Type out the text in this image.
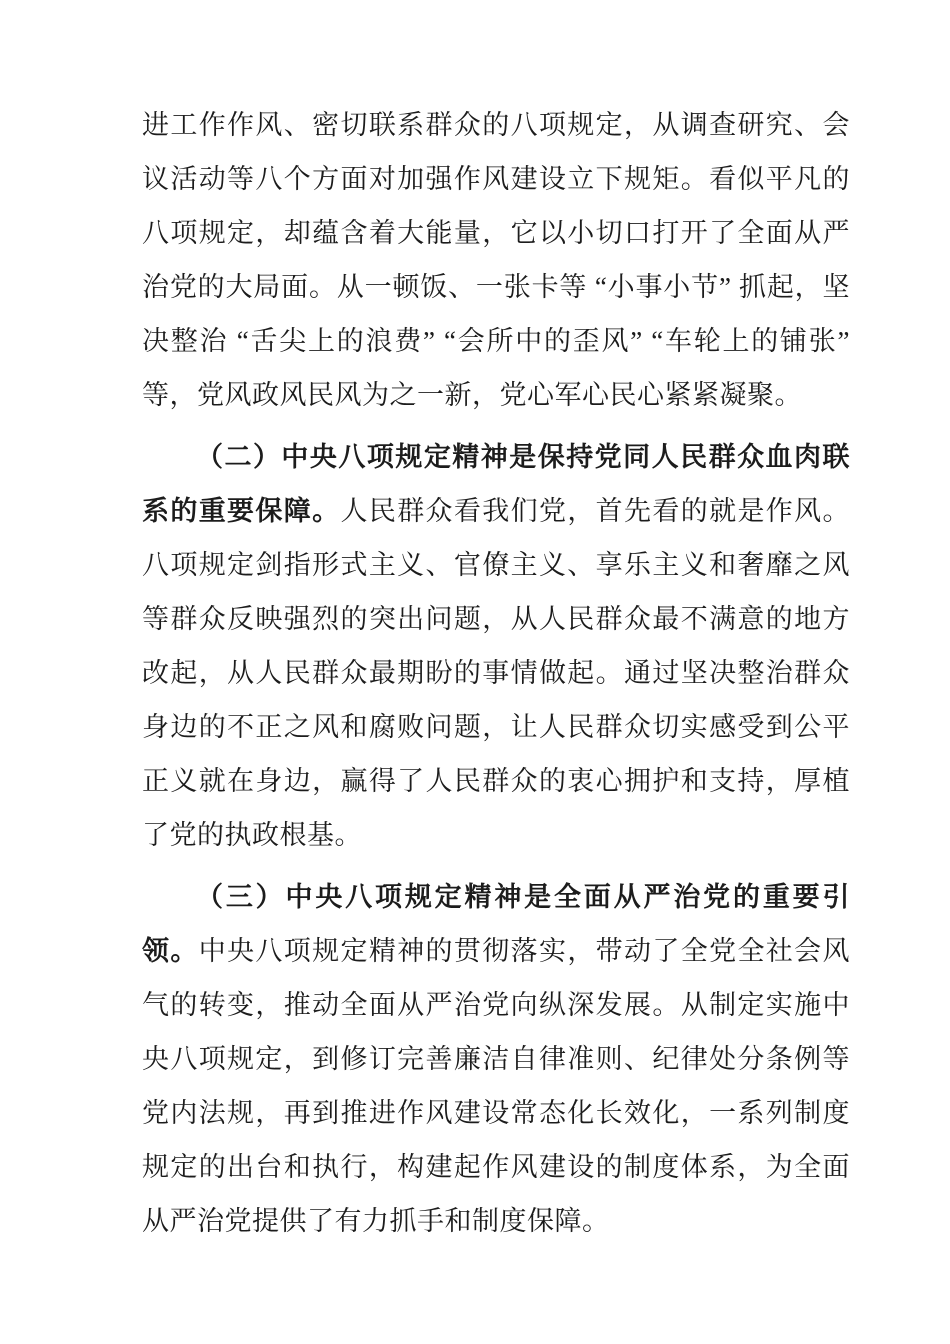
进工作作风、密切联系群众的八项规定，从调查研究、会议活动等八个方面对加强作风建设立下规矩。看似平凡的八项规定，却蕴含着大能量，它以小切口打开了全面从严治党的大局面。从一顿饭、一张卡等 “小事小节” 抓起，坚决整治 “舌尖上的浪费” “会所中的歪风” “车轮上的铺张” 等，党风政风民风为之一新，党心军心民心紧紧凝聚。

（二）中央八项规定精神是保持党同人民群众血肉联系的重要保障。人民群众看我们党，首先看的就是作风。八项规定剑指形式主义、官僚主义、享乐主义和奢靡之风等群众反映强烈的突出问题，从人民群众最不满意的地方改起，从人民群众最期盼的事情做起。通过坚决整治群众身边的不正之风和腐败问题，让人民群众切实感受到公平正义就在身边，赢得了人民群众的衷心拥护和支持，厚植了党的执政根基。

（三）中央八项规定精神是全面从严治党的重要引领。中央八项规定精神的贯彻落实，带动了全党全社会风气的转变，推动全面从严治党向纵深发展。从制定实施中央八项规定，到修订完善廉洁自律准则、纪律处分条例等党内法规，再到推进作风建设常态化长效化，一系列制度规定的出台和执行，构建起作风建设的制度体系，为全面从严治党提供了有力抓手和制度保障。
